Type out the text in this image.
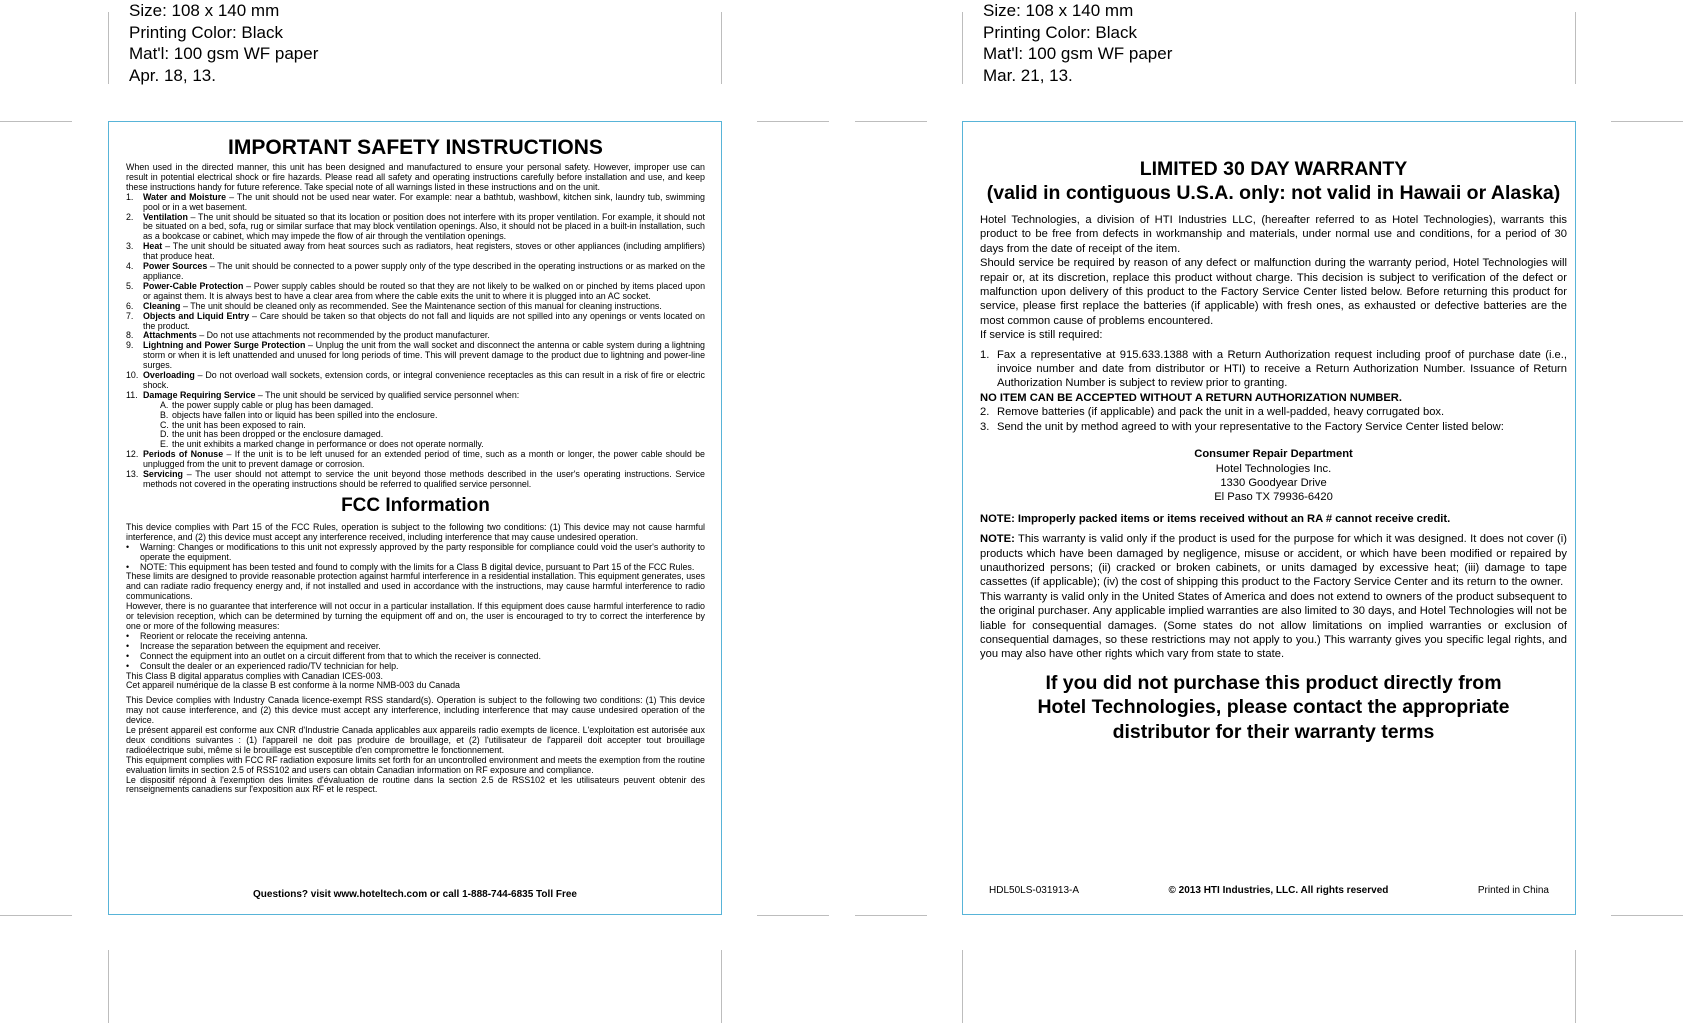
Size: 108 x 140 mm
Printing Color: Black
Mat'l: 100 gsm WF paper
Apr. 18, 13.
Size: 108 x 140 mm
Printing Color: Black
Mat'l: 100 gsm WF paper
Mar. 21, 13.
IMPORTANT SAFETY INSTRUCTIONS

When used in the directed manner, this unit has been designed and manufactured to ensure your personal safety. However, improper use can result in potential electrical shock or fire hazards. Please read all safety and operating instructions carefully before installation and use, and keep these instructions handy for future reference. Take special note of all warnings listed in these instructions and on the unit.

1.	Water and Moisture – The unit should not be used near water. For example: near a bathtub, washbowl, kitchen sink, laundry tub, swimming pool or in a wet basement.
2.	Ventilation – The unit should be situated so that its location or position does not interfere with its proper ventilation. For example, it should not be situated on a bed, sofa, rug or similar surface that may block ventilation openings. Also, it should not be placed in a built-in installation, such as a bookcase or cabinet, which may impede the flow of air through the ventilation openings.
3.	Heat – The unit should be situated away from heat sources such as radiators, heat registers, stoves or other appliances (including amplifiers) that produce heat.
4.	Power Sources – The unit should be connected to a power supply only of the type described in the operating instructions or as marked on the appliance.
5.	Power-Cable Protection – Power supply cables should be routed so that they are not likely to be walked on or pinched by items placed upon or against them. It is always best to have a clear area from where the cable exits the unit to where it is plugged into an AC socket.
6.	Cleaning – The unit should be cleaned only as recommended. See the Maintenance section of this manual for cleaning instructions.
7.	Objects and Liquid Entry – Care should be taken so that objects do not fall and liquids are not spilled into any openings or vents located on the product.
8.	Attachments – Do not use attachments not recommended by the product manufacturer.
9.	Lightning and Power Surge Protection – Unplug the unit from the wall socket and disconnect the antenna or cable system during a lightning storm or when it is left unattended and unused for long periods of time. This will prevent damage to the product due to lightning and power-line surges.
10. Overloading – Do not overload wall sockets, extension cords, or integral convenience receptacles as this can result in a risk of fire or electric shock.
11. Damage Requiring Service – The unit should be serviced by qualified service personnel when:
A. the power supply cable or plug has been damaged.
B. objects have fallen into or liquid has been spilled into the enclosure.
C. the unit has been exposed to rain.
D. the unit has been dropped or the enclosure damaged.
E. the unit exhibits a marked change in performance or does not operate normally.
12. Periods of Nonuse – If the unit is to be left unused for an extended period of time, such as a month or longer, the power cable should be unplugged from the unit to prevent damage or corrosion.
13. Servicing – The user should not attempt to service the unit beyond those methods described in the user's operating instructions. Service methods not covered in the operating instructions should be referred to qualified service personnel.
FCC Information

This device complies with Part 15 of the FCC Rules, operation is subject to the following two conditions: (1) This device may not cause harmful interference, and (2) this device must accept any interference received, including interference that may cause undesired operation.

•	Warning: Changes or modifications to this unit not expressly approved by the party responsible for compliance could void the user's authority to operate the equipment.
•	NOTE: This equipment has been tested and found to comply with the limits for a Class B digital device, pursuant to Part 15 of the FCC Rules.

These limits are designed to provide reasonable protection against harmful interference in a residential installation. This equipment generates, uses and can radiate radio frequency energy and, if not installed and used in accordance with the instructions, may cause harmful interference to radio communications.

However, there is no guarantee that interference will not occur in a particular installation. If this equipment does cause harmful interference to radio or television reception, which can be determined by turning the equipment off and on, the user is encouraged to try to correct the interference by one or more of the following measures:

•	Reorient or relocate the receiving antenna.
•	Increase the separation between the equipment and receiver.
•	Connect the equipment into an outlet on a circuit different from that to which the receiver is connected.
•	Consult the dealer or an experienced radio/TV technician for help.

This Class B digital apparatus complies with Canadian ICES-003.

Cet appareil numérique de la classe B est conforme à la norme NMB-003 du Canada

This Device complies with Industry Canada licence-exempt RSS standard(s). Operation is subject to the following two conditions: (1) This device may not cause interference, and (2) this device must accept any interference, including interference that may cause undesired operation of the device.

Le présent appareil est conforme aux CNR d'Industrie Canada applicables aux appareils radio exempts de licence. L'exploitation est autorisée aux deux conditions suivantes : (1) l'appareil ne doit pas produire de brouillage, et (2) l'utilisateur de l'appareil doit accepter tout brouillage radioélectrique subi, même si le brouillage est susceptible d'en compromettre le fonctionnement.

This equipment complies with FCC RF radiation exposure limits set forth for an uncontrolled environment and meets the exemption from the routine evaluation limits in section 2.5 of RSS102 and users can obtain Canadian information on RF exposure and compliance.

Le dispositif répond à l'exemption des limites d'évaluation de routine dans la section 2.5 de RSS102 et les utilisateurs peuvent obtenir des renseignements canadiens sur l'exposition aux RF et le respect.

Questions? visit www.hoteltech.com or call 1-888-744-6835 Toll Free
LIMITED 30 DAY WARRANTY
(valid in contiguous U.S.A. only: not valid in Hawaii or Alaska)

Hotel Technologies, a division of HTI Industries LLC, (hereafter referred to as Hotel Technologies), warrants this product to be free from defects in workmanship and materials, under normal use and conditions, for a period of 30 days from the date of receipt of the item.

Should service be required by reason of any defect or malfunction during the warranty period, Hotel Technologies will repair or, at its discretion, replace this product without charge. This decision is subject to verification of the defect or malfunction upon delivery of this product to the Factory Service Center listed below. Before returning this product for service, please first replace the batteries (if applicable) with fresh ones, as exhausted or defective batteries are the most common cause of problems encountered.

If service is still required:

1. Fax a representative at 915.633.1388 with a Return Authorization request including proof of purchase date (i.e., invoice number and date from distributor or HTI) to receive a Return Authorization Number. Issuance of Return Authorization Number is subject to review prior to granting.

NO ITEM CAN BE ACCEPTED WITHOUT A RETURN AUTHORIZATION NUMBER.

2. Remove batteries (if applicable) and pack the unit in a well-padded, heavy corrugated box.
3. Send the unit by method agreed to with your representative to the Factory Service Center listed below:
Consumer Repair Department
Hotel Technologies Inc.
1330 Goodyear Drive
El Paso TX 79936-6420

NOTE: Improperly packed items or items received without an RA # cannot receive credit.

NOTE: This warranty is valid only if the product is used for the purpose for which it was designed. It does not cover (i) products which have been damaged by negligence, misuse or accident, or which have been modified or repaired by unauthorized persons; (ii) cracked or broken cabinets, or units damaged by excessive heat; (iii) damage to tape cassettes (if applicable); (iv) the cost of shipping this product to the Factory Service Center and its return to the owner.

This warranty is valid only in the United States of America and does not extend to owners of the product subsequent to the original purchaser. Any applicable implied warranties are also limited to 30 days, and Hotel Technologies will not be liable for consequential damages. (Some states do not allow limitations on implied warranties or exclusion of consequential damages, so these restrictions may not apply to you.) This warranty gives you specific legal rights, and you may also have other rights which vary from state to state.

If you did not purchase this product directly from
Hotel Technologies, please contact the appropriate
distributor for their warranty terms
HDL50LS-031913-A	© 2013 HTI Industries, LLC. All rights reserved	Printed in China
